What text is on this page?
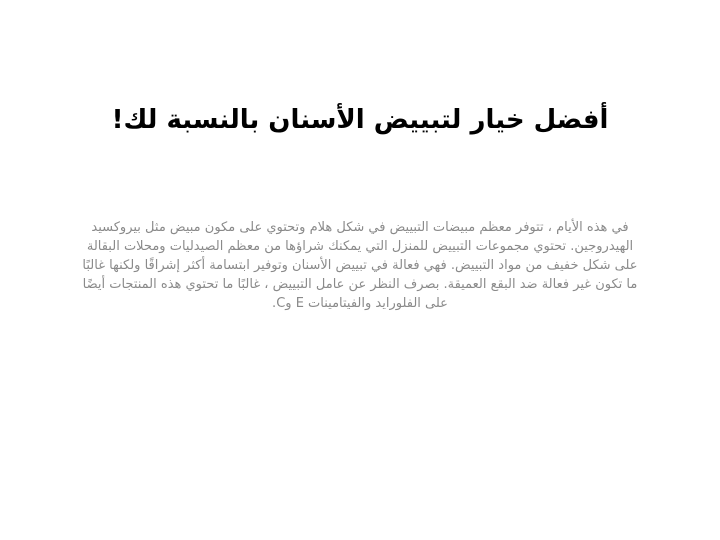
أفضل خيار لتبييض الأسنان بالنسبة لك!
في هذه الأيام ، تتوفر معظم مبيضات التبييض في شكل هلام وتحتوي على مكون مبيض مثل بيروكسيد الهيدروجين. تحتوي مجموعات التبييض للمنزل التي يمكنك شراؤها من معظم الصيدليات ومحلات البقالة على شكل خفيف من مواد التبييض. فهي فعالة في تبييض الأسنان وتوفير ابتسامة أكثر إشراقًا ولكنها غالبًا ما تكون غير فعالة ضد البقع العميقة. بصرف النظر عن عامل التبييض ، غالبًا ما تحتوي هذه المنتجات أيضًا على الفلورايد والفيتامينات E وC.
